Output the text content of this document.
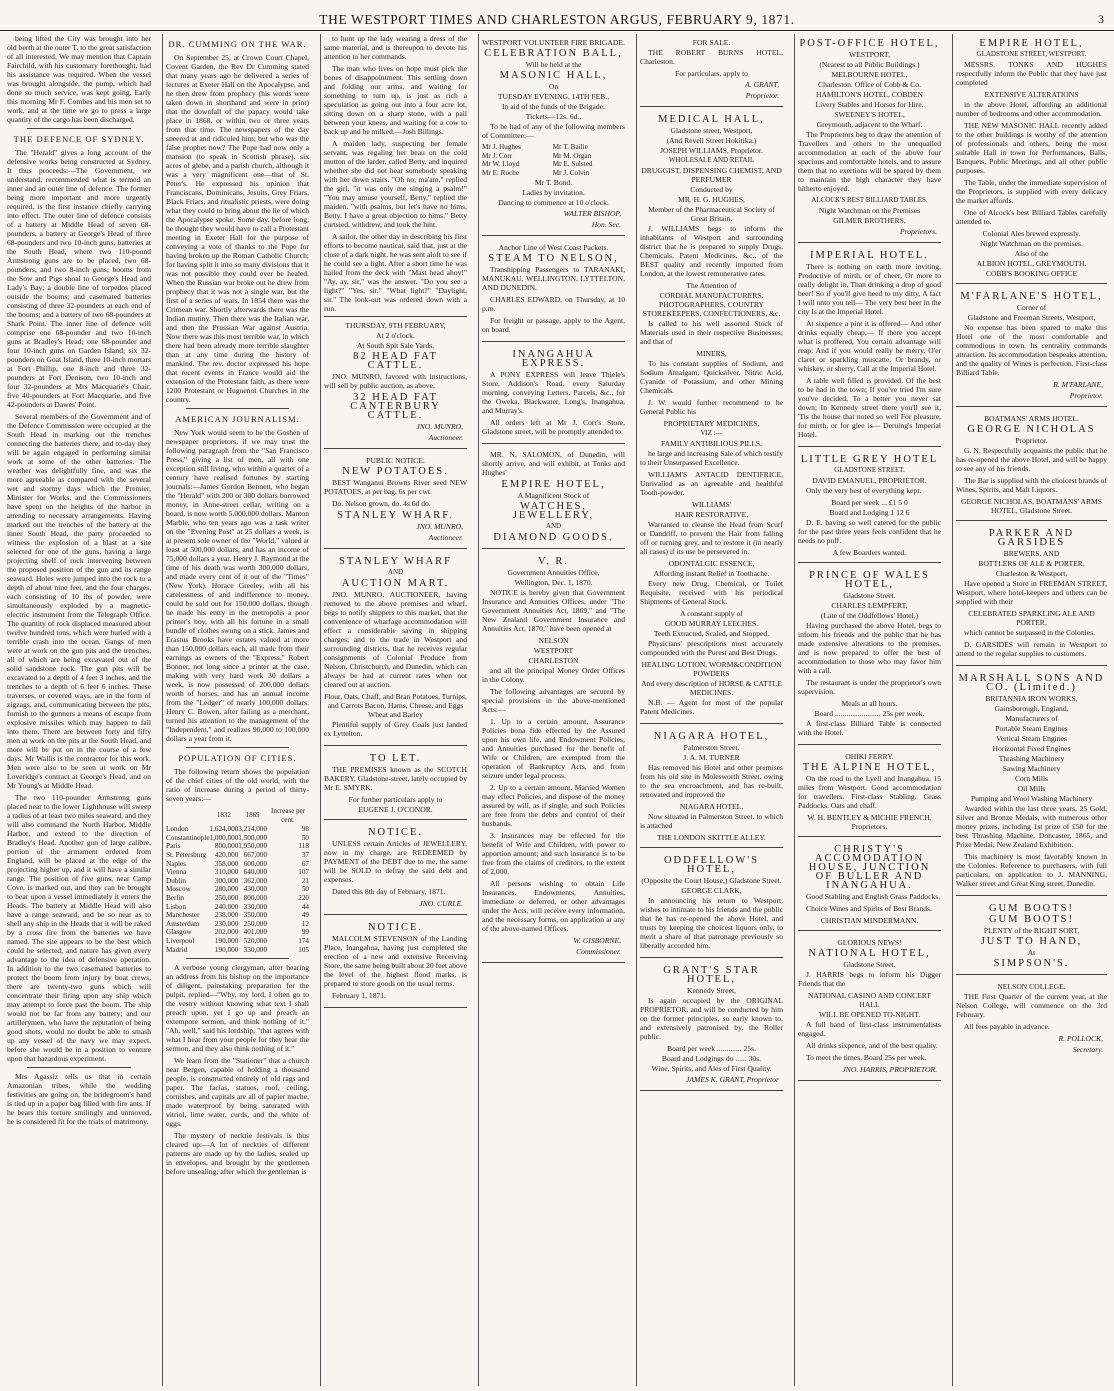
THE WESTPORT TIMES AND CHARLESTON ARGUS, FEBRUARY 9, 1871.	3

being lifted the City was brought into her old berth at the outer T, to the great satisfaction of all interested. We may mention that Captain Fairchild, with his customary forethought, had his assistance was required. When the vessel was brought alongside, the pump, which had done so much service, was kept going. Early this morning Mr F. Combes and his men set to work, and at the time we go to press a large quantity of the cargo has been discharged.

THE DEFENCE OF SYDNEY.

The "Herald" gives a long account of the defensive works being constructed at Sydney. It thus proceeds:—The Government, we understand, recommended what is termed an inner and an outer line of defence. The former being more important and more urgently required, is the first instance chiefly carrying into effect. The outer line of defence consists of a battery at Middle Head of seven 68-pounders, a battery at George's Head of three 68-pounders and two 10-inch guns; batteries at the South Head, where two 110-pound Armstrong guns are to be placed, two 68-pounders, and two 8-inch guns; booms from the Sow and Pigs shoal to George's Head and Lady's Bay; a double line of torpedos placed outside the booms; and casemated batteries consisting of three 32-pounders at each end of the booms; and a battery of two 68-pounders at Shark Point. The inner line of defence will comprise one 68-pounder and two 10-inch guns at Bradley's Head; one 68-pounder and four 10-inch guns on Garden Island; six 32-pounders on Goat Island, three 10-inch mortars at Fort Phillip, one 8-inch and three 32-pounders at Fort Denison, two 10-inch and four 32-pounders at Mrs Macquarie's Chair, five 40-pounders at Fort Macquarie, and five 42-pounders at Dawes' Point.

Several members of the Government and of the Defence Commission were occupied at the South Head in marking out the trenches connecting the batteries there, and to-day they will be again engaged in performing similar work at some of the other batteries. The weather was delightfully fine, and was the more agreeable as compared with the several wet and stormy days which the Premier, Minister for Works, and the Commissioners have spent on the heights of the harbor in attending to necessary arrangements. Having marked out the trenches of the battery at the inner South Head, the party proceeded to witness the explosion of a blast at a site selected for one of the guns, having a large projecting shelf of rock intervening between the proposed position of the gun and its range seaward. Holes were jumped into the rock to a depth of about nine feet, and the four charges, each consisting of 10 lbs of powder, were simultaneously exploded by a magnetic-electric instrument from the Telegraph Office. The quantity of rock displaced measured about twelve hundred tons, which were hurled with a terrible crash into the ocean. Gangs of men were at work on the gun pits and the trenches, all of which are being excavated out of the solid sandstone rock. The gun pits will be excavated to a depth of 4 feet 3 inches, and the trenches to a depth of 6 feet 6 inches. These traverses, or covered ways, are in the form of zigzags, and, communicating between the pits, furnish to the gunners a means of escape from explosive missiles which may happen to fall into them. There are between forty and fifty men at work on the pits at the South Head, and more will be put on in the course of a few days. Mr Wallis is the contractor for this work. Men were also to be seen at work on Mr Loveridge's contract at George's Head, and on Mr Young's at Middle Head.

The two 110-pounder Armstrong guns placed near to the lower Lighthouse will sweep a radius of at least two miles seaward, and they will also command the North Harbor, Middle Harbor, and extend to the direction of Bradley's Head. Another gun of large calibre, portion of the armament ordered from England, will be placed at the edge of the projecting higher up, and it will have a similar range. The position of five guns, near Camp Cove, is marked out, and they can be brought to bear upon a vessel immediately it enters the Heads. The battery at Middle Head will also have a range seaward, and be so near as to shell any ship in the Heads that it will be raked by a cross fire from the batteries we have named. The site appears to be the best which could be selected, and nature has given every advantage to the idea of defensive operation. In addition to the two casemated batteries to protect the boom from injury by boat crews, there are twenty-two guns which will concentrate their firing upon any ship which may attempt to force past the boom. The ship would not be far from any battery; and our artillerymen, who have the reputation of being good shots, would no doubt be able to smash up any vessel of the navy we may expect, before she would be in a position to venture upon that hazardous experiment.

Mrs Agassiz tells us that in certain Amazonian tribes, while the wedding festivities are going on, the bridegroom's hand is tied up in a paper bag filled with fire ants. If he bears this torture smilingly and unmoved, he is considered fit for the trials of matrimony.

DR. CUMMING ON THE WAR.

On September 25, at Crown Court Chapel, Covent Garden, the Rev Dr Cumming stated that many years ago he delivered a series of lectures at Exeter Hall on the Apocalypse, and he then drew from prophecy (his words were taken down in shorthand and were in print) that the downfall of the papacy would take place in 1868, or within two or three years from that time. The newspapers of the day sneered at and ridiculed him; but who was the false prophet now? The Pope had now only a mansion (to speak in Scottish phrase), six acres of glebe, and a parish church, although it was a very magnificent one—that of St. Peter's. He expressed his opinion that Franciscans, Dominicans, Jesuits, Grey Friars, Black Friars, and ritualistic priests, were doing what they could to bring about the lie of which the Apocalypse spoke. Some day, before long, he thought they would have to call a Protestant meeting in Exeter Hall for the purpose of conveying a vote of thanks to the Pope for having broken up the Roman Catholic Church; for having split it into so many divisions that it was not possible they could ever be healed. When the Russian war broke out he drew from prophecy that it was not a single war, but the first of a series of wars. In 1854 there was the Crimean war. Shortly afterwards there was the Indian mutiny. Then there was the Italian war, and then the Prussian War against Austria. Now there was this most terrible war, in which there had been already more terrible slaughter than at any time during the history of mankind. The rev. doctor expressed his hope that recent events in France would aid the extension of the Protestant faith, as there were 1200 Protestant or Huguenot Churches in the country.

AMERICAN JOURNALISM.

New York would seem to be the Goshen of newspaper proprietors, if we may trust the following paragraph from the "San Francisco Press," giving a list of men, all with one exception still living, who within a quarter of a century have realised fortunes by starting journals:—James Gordon Bennett, who began the "Herald" with 200 or 300 dollars borrowed money, in Anne-street cellar, writing on a board, is now worth 5,000,000 dollars. Manton Marble, who ten years ago was a task writer on the "Evening Post" at 25 dollars a week, is at present sole owner of the "World," valued at least at 500,000 dollars, and has an income of 75,000 dollars a year. Henry J. Raymond at the time of his death was worth 300,000 dollars, and made every cent of it out of the "Times" (New York). Horace Greeley, with all his carelessness of and indifference to money, could be sold out for 150,000 dollars, though he made his entry in the metropolis a poor printer's boy, with all his fortune in a small bundle of clothes swung on a stick. James and Erastus Brooks have estates valued at more than 150,000 dollars each, all made from their earnings as owners of the "Express." Robert Bonner, not long since a printer at the case, making with very hard work 30 dollars a week, is now possessed of 200,000 dollars worth of horses, and has an annual income from the "Ledger" of nearly 100,000 dollars. Henry C. Bowen, after failing as a merchant, turned his attention to the management of the "Independent," and realizes 90,000 to 100,000 dollars a year from it.

POPULATION OF CITIES.

The following return shows the population of the chief cities of the old world, with the ratio of increase during a period of thirty-seven years:—

	1832	1869	Increase per cent.
London	1,624,000	3,214,000	98
Constantinople	1,000,000	1,500,000	50
Paris	800,000	1,950,000	118
St. Petersburg	420,000	667,000	37
Naples	358,000	600,000	67
Vienna	310,000	640,000	107
Dublin	300,000	362,000	21
Moscow	280,000	430,000	50
Berlin	250,000	800,000	220
Lisbon	240,000	330,000	44
Manchester	238,000	350,000	49
Amsterdam	230,000	250,000	12
Glasgow	202,000	401,000	99
Liverpool	190,000	520,000	174
Madrid	190,000	330,000	105

A verbose young clergyman, after hearing an address from his bishop on the importance of diligent, painstaking preparation for the pulpit, replied—"Why, my lord, I often go to the vestry without knowing what text I shall preach upon, yet I go up and preach an extempore sermon, and think nothing of it." "Ah, well," said his lordship, "that agrees with what I hear from your people for they hear the sermon, and they also think nothing of it."

We learn from the "Stationer" that a church near Bergen, capable of holding a thousand people, is constructed entirely of old rags and paper. The facias, statues, roof, ceiling, cornishes, and capitals are all of papier mache, made waterproof by being saturated with vitriol, lime water, curds, and the white of eggs.

The mystery of necktie festivals is thus cleared up:—A lot of neckties of different patterns are made up by the ladies, sealed up in envelopes, and brought by the gentlemen before unsealing; after which the gentleman is

to hunt up the lady wearing a dress of the same material, and is thereupon to devote his attention to her commands.

The man who lives on hope must pick the bones of disappointment. This settling down and folding our arms, and waiting for something to turn up, is just as rich a speculation as going out into a four acre lot, sitting down on a sharp stone, with a pail between your knees, and waiting for a cow to back up and be milked.—Josh Billings.

A maiden lady, suspecting her female servant, was regaling her beau on the cold mutton of the larder, called Betty, and inquired whether she did not hear somebody speaking with her down stairs. "Oh no, ma'am," replied the girl, "it was only me singing a psalm!" "You may amuse yourself, Betty," replied the maiden, "with psalms, but let's have no hims, Betty. I have a great objection to hims." Betty curtsied, withdrew, and took the hint.

A sailor, the other day in describing his first efforts to become nautical, said that, just at the close of a dark night, he was sent aloft to see if he could see a light. After a short time he was hailed from the deck with "Mast head ahoy!" "Ay, ay, sir," was the answer. "Do you see a light?" "Yes, sir." "What light?" "Daylight, sir." The look-out was ordered down with a run.

THURSDAY, 9TH FEBRUARY,
At 2 o'clock.
At South Spit Sale Yards.
82 HEAD FAT CATTLE.

JNO. MUNRO, favored with instructions, will sell by public auction, as above,

32 HEAD FAT CANTERBURY CATTLE.
JNO. MUNRO,
Auctioneer.
PUBLIC NOTICE.
NEW POTATOES.

BEST Wanganui Browns River seed NEW POTATOES, at per bag, 6s per cwt.

Do. Nelson grown, do. 4s 6d do.

STANLEY WHARF.
JNO. MUNRO,
Auctioneer.
STANLEY WHARF
AND
AUCTION MART.

JNO. MUNRO, AUCTIONEER, having removed to the above premises and wharf, begs to notify shippers to this market, that the convenience of wharfage accommodation will effect a considerable saving in shipping charges; and to the trade in Westport and surrounding districts, that he receives regular consignments of Colonial Produce from Nelson, Christchurch, and Dunedin, which can always be had at current rates when not cleared out at auction.

Flour, Oats, Chaff, and Bran Potatoes, Turnips, and Carrots Bacon, Hams, Cheese, and Eggs Wheat and Barley

Plentiful supply of Grey Coals just landed ex Lyttelton.

TO LET.

THE PREMISES known as the SCOTCH BAKERY, Gladstone-street, lately occupied by Mr E. SMYRK.

For further particulars apply to
EUGENE J. O'CONOR.
NOTICE.

UNLESS certain Articles of JEWELLERY, now in my charge, are REDEEMED by PAYMENT of the DEBT due to me, the same will be SOLD to defray the said debt and expenses.

Dated this 8th day of February, 1871.

JNO. CURLE.
NOTICE.

MALCOLM STEVENSON of the Landing Place, Inangahua, having just completed the erection of a new and extensive Receiving Store, the same being built about 20 feet above the level of the highest flood marks, is prepared to store goods on the usual terms.

February 1, 1871.

WESTPORT VOLUNTEER FIRE BRIGADE.
CELEBRATION BALL,
Will be held at the
MASONIC HALL,
On
TUESDAY EVENING, 14TH FEB.,
In aid of the funds of the Brigade.
Tickets—12s. 6d.,

To be had of any of the following members of Committee:—

Mr J. Hughes	Mr T. Bailie
Mr J. Corr	Mr M. Organ
Mr W. Lloyd	Mr E. Sulsted
Mr E. Roche	Mr J. Colvin
Mr T. Bond.
Ladies by invitation.
Dancing to commence at 10 o'clock.
WALTER BISHOP,
Hon. Sec.
Anchor Line of West Coast Packets.
STEAM TO NELSON,

Transhipping Passengers to TARANAKI, MANUKAU, WELLINGTON, LYTTELTON, AND DUNEDIN.

CHARLES EDWARD, on Thursday, at 10 p.m.

For freight or passage, apply to the Agent, on board.

INANGAHUA EXPRESS.

A PONY EXPRESS will leave Thiele's Store, Addison's Road, every Saturday morning, conveying Letters, Parcels, &c., for the Oweka, Blackwater, Long's, Inangahua, and Murray's.

All orders left at Mr J. Corr's Store, Gladstone street, will be promptly attended to.

MR. N. SALOMON, of Dunedin, will shortly arrive, and will exhibit, at Tonks and Hughes'

EMPIRE HOTEL,
A Magnificent Stock of
WATCHES, JEWELLERY,
AND
DIAMOND GOODS.
V. R.
Government Annuities Office,
Wellington, Dec. 1, 1870.

NOTICE is hereby given that Government Insurance and Annuities Offices, under "The Government Annuities Act, 1869," and "The New Zealand Government Insurance and Annuities Act, 1870," have been opened at

NELSON
WESTPORT
CHARLESTON

and all the principal Money Order Offices in the Colony.

The following advantages are secured by special provisions in the above-mentioned Acts:—

1. Up to a certain amount, Assurance Policies bona fide effected by the Assured upon his own life, and Endowment Policies, and Annuities purchased for the benefit of Wife or Children, are exempted from the operation of Bankruptcy Acts, and from seizure under legal process.

2. Up to a certain amount, Married Women may effect Policies, and dispose of the money assured by will, as if single; and such Policies are free from the debts and control of their husbands.

3. Insurances may be effected for the benefit of Wife and Children, with power to apportion amount; and such insurance is to be free from the claims of creditors, to the extent of 2,000.

All persons wishing to obtain Life Insurances, Endowments, Annuities, immediate or deferred, or other advantages under the Acts, will receive every information, and the necessary forms, on application at any of the above-named Offices.

W. GISBORNE,
Commissioner.
FOR SALE.

THE ROBERT BURNS HOTEL, Charleston.

For particulars, apply to
A. GRANT,
Proprietor.
MEDICAL HALL,
Gladstone street, Westport,
(And Revell Street Hokitika.)
JOSEPH WILLIAMS, Proprietor.
WHOLESALE AND RETAIL
DRUGGIST, DISPENSING CHEMIST, AND PERFUMER
Conducted by
MR. H. G. HUGHES,
Member of the Pharmaceutical Society of Great Britain.

J. WILLIAMS begs to inform the inhabitants of Westport and surrounding district that he is prepared to supply Drugs, Chemicals, Patent Medicines, &c., of the BEST quality and recently imported from London, at the lowest remunerative rates.

The Attention of
CORDIAL MANUFACTURERS, PHOTOGRAPHERS, COUNTRY STOREKEEPERS, CONFECTIONERS, &c.

Is called to his well assorted Stock of Materials used in their respective Businesses; and that of

MINERS,

To his constant supplies of Sodium, and Sodium Amalgam, Quicksilver, Nitric Acid, Cyanide of Potassium, and other Mining Chemicals.

J. W. would further recommend to he General Public his

PROPRIETARY MEDICINES,
VIZ :—
FAMILY ANTIBILIOUS PILLS,

he large and increasing Sale of which testify to their Unsurpassed Excellence.

WILLIAM'S ANTACID DENTIFRICE, Unrivalled as an agreeable and healthful Tooth-powder.

WILLIAMS'
HAIR RESTORATIVE,

Warranted to cleanse the Head from Scurf or Dandriff, to prevent the Hair from falling off or turning grey, and to restore it (in nearly all cases) if its use be persevered in.

ODONTALGIC ESSENCE,
Affording instant Relief in Toothache.

Every new Drug, Chemical, or Toilet Requisite, received with his periodical Shipments of General Stock.

A constant supply of
GOOD MURRAY LEECHES.
Teeth Extracted, Scaled, and Stopped.

Physicians' prescriptions most accurately compounded with the Purest and Best Drugs.

HEALING LOTION, WORM&CONDITION POWDERS
And every description of HORSE & CATTLE MEDICINES.

N.B. — Agent for most of the popular Patent Medicines.

NIAGARA HOTEL,
Palmerston Street.
J. A. M. TURNER

Has removed his Hotel and other premises from his old site in Molesworth Street, owing to the sea encroachment, and has re-built, renovated and improved the

NIAGARA HOTEL,

Now situated in Palmerston Street, to which is attached

THE LONDON SKITTLE ALLEY.
ODDFELLOW'S HOTEL,
(Opposite the Court House,) Gladstone Street.
GEORGE CLARK,

In announcing his return to Westport, wishes to intimate to his friends and the public that he has re-opened the above Hotel, and trusts by keeping the choicest liquors only, to merit a share of that patronage previously so liberally accorded him.

GRANT'S STAR HOTEL,
Kennedy Street,

Is again occupied by the ORIGINAL PROPRIETOR, and will be conducted by him on the former principles, so early known to, and extensively patronised by, the Roller public.

Board per week ............. 25s.
Board and Lodgings do ...... 30s.
Wine, Spirits, and Ales of First Quality.
JAMES K. GRANT, Proprietor
POST-OFFICE HOTEL,
WESTPORT,
(Nearest to all Public Buildings.)
MELBOURNE HOTEL,
Charleston. Office of Cobb & Co.
HAMILTON'S HOTEL, COBDEN
Livery Stables and Horses for Hire.
SWEENEY'S HOTEL,
Greymouth, adjacent to the Wharf.

The Proprietors beg to draw the attention of Travellers and others to the unequalled accommodation at each of the above four spacious and comfortable hotels, and to assure them that no exertions will be spared by them to maintain the high character they have hitherto enjoyed.

ALCOCK'S BEST BILLIARD TABLES.
Night Watchman on the Premises
GILMER BROTHERS,
Proprietors.
IMPERIAL HOTEL.

There is nothing on earth more inviting, Productive of mirth, or of cheer, Or more to really delight in, Than drinking a drop of good beer! So if you'll give heed to my ditty, A fact I will unto you tell— The very best beer in the city Is at the Imperial Hotel.

At sixpence a pint it is offered— And other drinks equally cheap,— If there you accept what is proffered, You certain advantage will reap; And if you would really be merry, O'er claret or sparkling muscatte, Or brandy, or whiskey, or sherry, Call at the Imperial Hotel.

A table well filled is provided, Of the best to be had in the town; If you've tried I'm sure you've decided, To a better you never sat down; In Kennedy street there you'll see it, 'Tis the house that noted so well For pleasure, for mirth, or for glee is— Deruing's Imperial Hotel.

LITTLE GREY HOTEL
GLADSTONE STREET.
DAVID EMANUEL, PROPRIETOR.

Only the very best of everything kept.

Board per week ... £1 5 0
Board and Lodging 1 12 6

D. E. having so well catered for the public for the past three years feels confident that he needs no puff.

A few Boarders wanted.
PRINCE OF WALES HOTEL,
Gladstone Street.
CHARLES LEMPFERT,
(Late of the Oddfellows' Hotel,)

Having purchased the above Hotel, begs to inform his friends and the public that he has made extensive alterations to the premises, and is now prepared to offer the best of accommodation to those who may favor him with a call.

The restaurant is under the proprietor's own supervision.

Meals at all hours.
Board ........................ 25s per week.

A first-class Billiard Table is connected with the Hotel.

OHIKI FERRY.
THE ALPINE HOTEL,

On the road to the Lyell and Inangahua, 15 miles from Westport. Good accommodation for travellers. First-class Stabling. Grass Paddocks. Oats and chaff.

W. H. BENTLEY & MICHIE FRENCH, Proprietors.
CHRISTY'S ACCOMODATION HOUSE, JUNCTION OF BULLER AND INANGAHUA.

Good Stabling and English Grass Paddocks.

Choice Wines and Spirits of Best Brands.

CHRISTIAN MINDERMANN.
GLORIOUS NEWS!
NATIONAL HOTEL,
Gladstone Street.

J. HARRIS begs to inform his Digger Friends that the

NATIONAL CASINO AND CONCERT HALL
WILL BE OPENED TO-NIGHT.

A full band of first-class instrumentalists engaged.

All drinks sixpence, and of the best quality.

To meet the times, Board 25s per week.

JNO. HARRIS, PROPRIETOR.
EMPIRE HOTEL,
GLADSTONE STREET, WESTPORT.

MESSRS. TONKS AND HUGHES respectfully inform the Public that they have just completed

EXTENSIVE ALTERATIONS

in the above Hotel, affording an additional number of bedrooms and other accommodation.

THE NEW MASONIC HALL recently added to the other buildings is worthy of the attention of professionals and others, being the most suitable Hall in town for Performances, Balls, Banquets, Public Meetings, and all other public purposes.

The Table, under the immediate supervision of the Proprietors, is supplied with every delicacy the market affords.

One of Alcock's best Billiard Tables carefully attended to.

Colonial Ales brewed expressly.
Night Watchman on the premises.
Also of the
ALBION HOTEL, GREYMOUTH.
COBB'S BOOKING OFFICE
M'FARLANE'S HOTEL,
Corner of
Gladstone and Freeman Streets, Westport,

No expense has been spared to make this Hotel one of the most comfortable and commodious in town. Its centrality commands attraction. Its accommodation bespeaks attention, and the quality of Wines is perfection. First-class Billiard Table.

R. M'FARLANE,
Proprietor.
BOATMANS' ARMS HOTEL.
GEORGE NICHOLAS
Proprietor.

G. N. Respectfully acquaints the public that he has re-opened the above Hotel, and will be happy to see any of his friends.

The Bar is supplied with the choicest brands of Wines, Spirits, and Malt Liquors.

GEORGE NICHOLAS, BOATMANS' ARMS HOTEL, Gladstone Street.
PARKER AND GARSIDES
BREWERS, AND
BOTTLERS OF ALE & PORTER,
Charleston & Westport,

Have opened a Store in FREEMAN STREET, Westport, where hotel-keepers and others can be supplied with their

CELEBRATED SPARKLING ALE AND PORTER,

which cannot be surpassed in the Colonies.

D. GARSIDES will remain in Westport to attend to the regular supplies to customers.

MARSHALL SONS AND CO. (Limited.)
BRITANNIA IRON WORKS,
Gainsborough, England,
Manufacturers of
Portable Steam Engines
Vertical Steam Engines
Horizontal Fixed Engines
Thrashing Machinery
Sawing Machinery
Corn Mills
Oil Mills
Pumping and Wool Washing Machinery

Awarded within the last three years, 25 Gold, Silver and Bronze Medals, with numerous other money prizes, including 1st prize of £50 for the best Thrashing Machine, Doncaster, 1865, and Prize Medal, New Zealand Exhibition.

This machinery is most favorably known in the Colonies. Reference to purchasers, with full particulars, on application to J. MANNING, Walker street and Great King street, Dunedin.

GUM BOOTS!
GUM BOOTS!
PLENTY of the RIGHT SORT,
JUST TO HAND,
At
SIMPSON'S.
NELSON COLLEGE.

THE First Quarter of the current year, at the Nelson College, will commence on the 3rd February.

All fees payable in advance.

R. POLLOCK,
Secretary.
